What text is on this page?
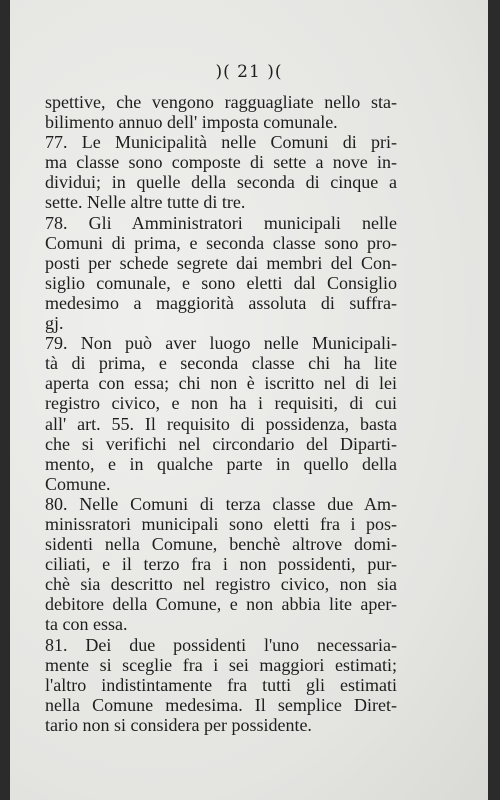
)( 21 )(
spettive, che vengono ragguagliate nello sta-
bilimento annuo dell' imposta comunale.
77. Le Municipalità nelle Comuni di pri-
ma classe sono composte di sette a nove in-
dividui; in quelle della seconda di cinque a
sette. Nelle altre tutte di tre.
78. Gli Amministratori municipali nelle
Comuni di prima, e seconda classe sono pro-
posti per schede segrete dai membri del Con-
siglio comunale, e sono eletti dal Consiglio
medesimo a maggiorità assoluta di suffra-
gj.
79. Non può aver luogo nelle Municipali-
tà di prima, e seconda classe chi ha lite
aperta con essa; chi non è iscritto nel di lei
registro civico, e non ha i requisiti, di cui
all' art. 55. Il requisito di possidenza, basta
che si verifichi nel circondario del Diparti-
mento, e in qualche parte in quello della
Comune.
80. Nelle Comuni di terza classe due Am-
minissratori municipali sono eletti fra i pos-
sidenti nella Comune, benchè altrove domi-
ciliati, e il terzo fra i non possidenti, pur-
chè sia descritto nel registro civico, non sia
debitore della Comune, e non abbia lite aper-
ta con essa.
81. Dei due possidenti l'uno necessaria-
mente si sceglie fra i sei maggiori estimati;
l'altro indistintamente fra tutti gli estimati
nella Comune medesima. Il semplice Diret-
tario non si considera per possidente.
